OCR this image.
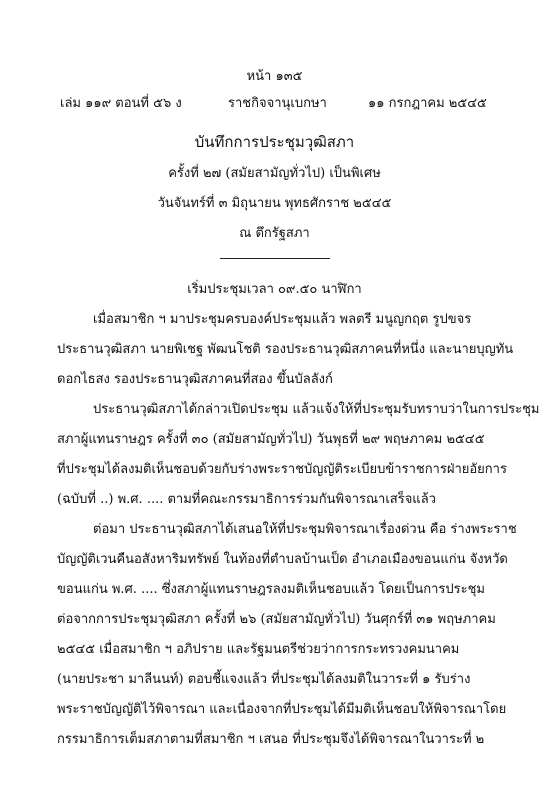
หน้า ๑๓๕
เล่ม ๑๑๙ ตอนที่ ๕๖ ง	ราชกิจจานุเบกษา	๑๑ กรกฎาคม ๒๕๔๕
บันทึกการประชุมวุฒิสภา
ครั้งที่ ๒๗ (สมัยสามัญทั่วไป) เป็นพิเศษ
วันจันทร์ที่ ๓ มิถุนายน พุทธศักราช ๒๕๔๕
ณ ตึกรัฐสภา
เริ่มประชุมเวลา ๐๙.๕๐ นาฬิกา
เมื่อสมาชิก ฯ มาประชุมครบองค์ประชุมแล้ว พลตรี มนูญกฤต รูปขจร
ประธานวุฒิสภา นายพิเชฐ พัฒนโชติ รองประธานวุฒิสภาคนที่หนึ่ง และนายบุญทัน
ดอกไธสง รองประธานวุฒิสภาคนที่สอง ขึ้นบัลลังก์
ประธานวุฒิสภาได้กล่าวเปิดประชุม แล้วแจ้งให้ที่ประชุมรับทราบว่าในการประชุม
สภาผู้แทนราษฎร ครั้งที่ ๓๐ (สมัยสามัญทั่วไป) วันพุธที่ ๒๙ พฤษภาคม ๒๕๔๕
ที่ประชุมได้ลงมติเห็นชอบด้วยกับร่างพระราชบัญญัติระเบียบข้าราชการฝ่ายอัยการ
(ฉบับที่ ..) พ.ศ. .... ตามที่คณะกรรมาธิการร่วมกันพิจารณาเสร็จแล้ว
ต่อมา ประธานวุฒิสภาได้เสนอให้ที่ประชุมพิจารณาเรื่องด่วน คือ ร่างพระราช
บัญญัติเวนคืนอสังหาริมทรัพย์ ในท้องที่ตำบลบ้านเป็ด อำเภอเมืองขอนแก่น จังหวัด
ขอนแก่น พ.ศ. .... ซึ่งสภาผู้แทนราษฎรลงมติเห็นชอบแล้ว โดยเป็นการประชุม
ต่อจากการประชุมวุฒิสภา ครั้งที่ ๒๖ (สมัยสามัญทั่วไป) วันศุกร์ที่ ๓๑ พฤษภาคม
๒๕๔๕ เมื่อสมาชิก ฯ อภิปราย และรัฐมนตรีช่วยว่าการกระทรวงคมนาคม
(นายประชา มาลีนนท์) ตอบชี้แจงแล้ว ที่ประชุมได้ลงมติในวาระที่ ๑ รับร่าง
พระราชบัญญัติไว้พิจารณา และเนื่องจากที่ประชุมได้มีมติเห็นชอบให้พิจารณาโดย
กรรมาธิการเต็มสภาตามที่สมาชิก ฯ เสนอ ที่ประชุมจึงได้พิจารณาในวาระที่ ๒
